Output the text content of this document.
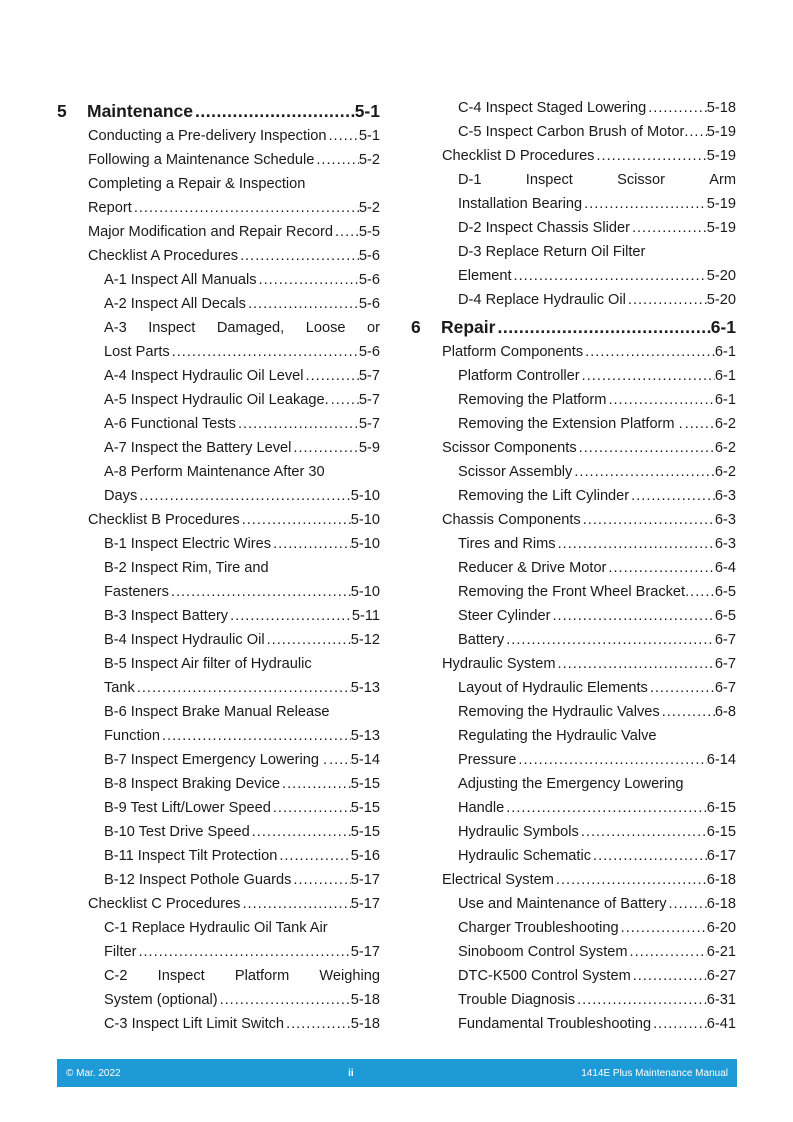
5 Maintenance .....	5-1
Conducting a Pre-delivery Inspection ..... 5-1
Following a Maintenance Schedule .....	5-2
Completing a Repair & Inspection
Report .....	5-2
Major Modification and Repair Record ..... 5-5
Checklist A Procedures .....	5-6
A-1 Inspect All Manuals .....	5-6
A-2 Inspect All Decals .....	5-6
A-3 Inspect Damaged, Loose or
Lost Parts .....	5-6
A-4 Inspect Hydraulic Oil Level .....	5-7
A-5 Inspect Hydraulic Oil Leakage. ..... 5-7
A-6 Functional Tests .....	5-7
A-7 Inspect the Battery Level .....	5-9
A-8 Perform Maintenance After 30
Days .....	5-10
Checklist B Procedures .....	5-10
B-1 Inspect Electric Wires .....	5-10
B-2 Inspect Rim, Tire and
Fasteners .....	5-10
B-3 Inspect Battery .....	5-11
B-4 Inspect Hydraulic Oil .....	5-12
B-5 Inspect Air filter of Hydraulic
Tank .....	5-13
B-6 Inspect Brake Manual Release
Function .....	5-13
B-7 Inspect Emergency Lowering . ..... 5-14
B-8 Inspect Braking Device .....	5-15
B-9 Test Lift/Lower Speed .....	5-15
B-10 Test Drive Speed .....	5-15
B-11 Inspect Tilt Protection .....	5-16
B-12 Inspect Pothole Guards .....	5-17
Checklist C Procedures .....	5-17
C-1 Replace Hydraulic Oil Tank Air
Filter .....	5-17
C-2 Inspect Platform Weighing
System (optional) .....	5-18
C-3 Inspect Lift Limit Switch .....	5-18
C-4 Inspect Staged Lowering .....	5-18
C-5 Inspect Carbon Brush of Motor ..... 5-19
Checklist D Procedures .....	5-19
D-1	Inspect	Scissor	Arm
Installation Bearing .....	5-19
D-2 Inspect Chassis Slider .....	5-19
D-3 Replace Return Oil Filter
Element .....	5-20
D-4 Replace Hydraulic Oil .....	5-20
6 Repair .....	6-1
Platform Components .....	6-1
Platform Controller .....	6-1
Removing the Platform .....	6-1
Removing the Extension Platform . ..... 6-2
Scissor Components .....	6-2
Scissor Assembly .....	6-2
Removing the Lift Cylinder .....	6-3
Chassis Components .....	6-3
Tires and Rims .....	6-3
Reducer & Drive Motor .....	6-4
Removing the Front Wheel Bracket ..... 6-5
Steer Cylinder .....	6-5
Battery .....	6-7
Hydraulic System .....	6-7
Layout of Hydraulic Elements .....	6-7
Removing the Hydraulic Valves .....	6-8
Regulating the Hydraulic Valve
Pressure .....	6-14
Adjusting the Emergency Lowering
Handle .....	6-15
Hydraulic Symbols .....	6-15
Hydraulic Schematic .....	6-17
Electrical System .....	6-18
Use and Maintenance of Battery .....	6-18
Charger Troubleshooting .....	6-20
Sinoboom Control System .....	6-21
DTC-K500 Control System .....	6-27
Trouble Diagnosis .....	6-31
Fundamental Troubleshooting .....	6-41
© Mar. 2022	ii	1414E Plus Maintenance Manual
